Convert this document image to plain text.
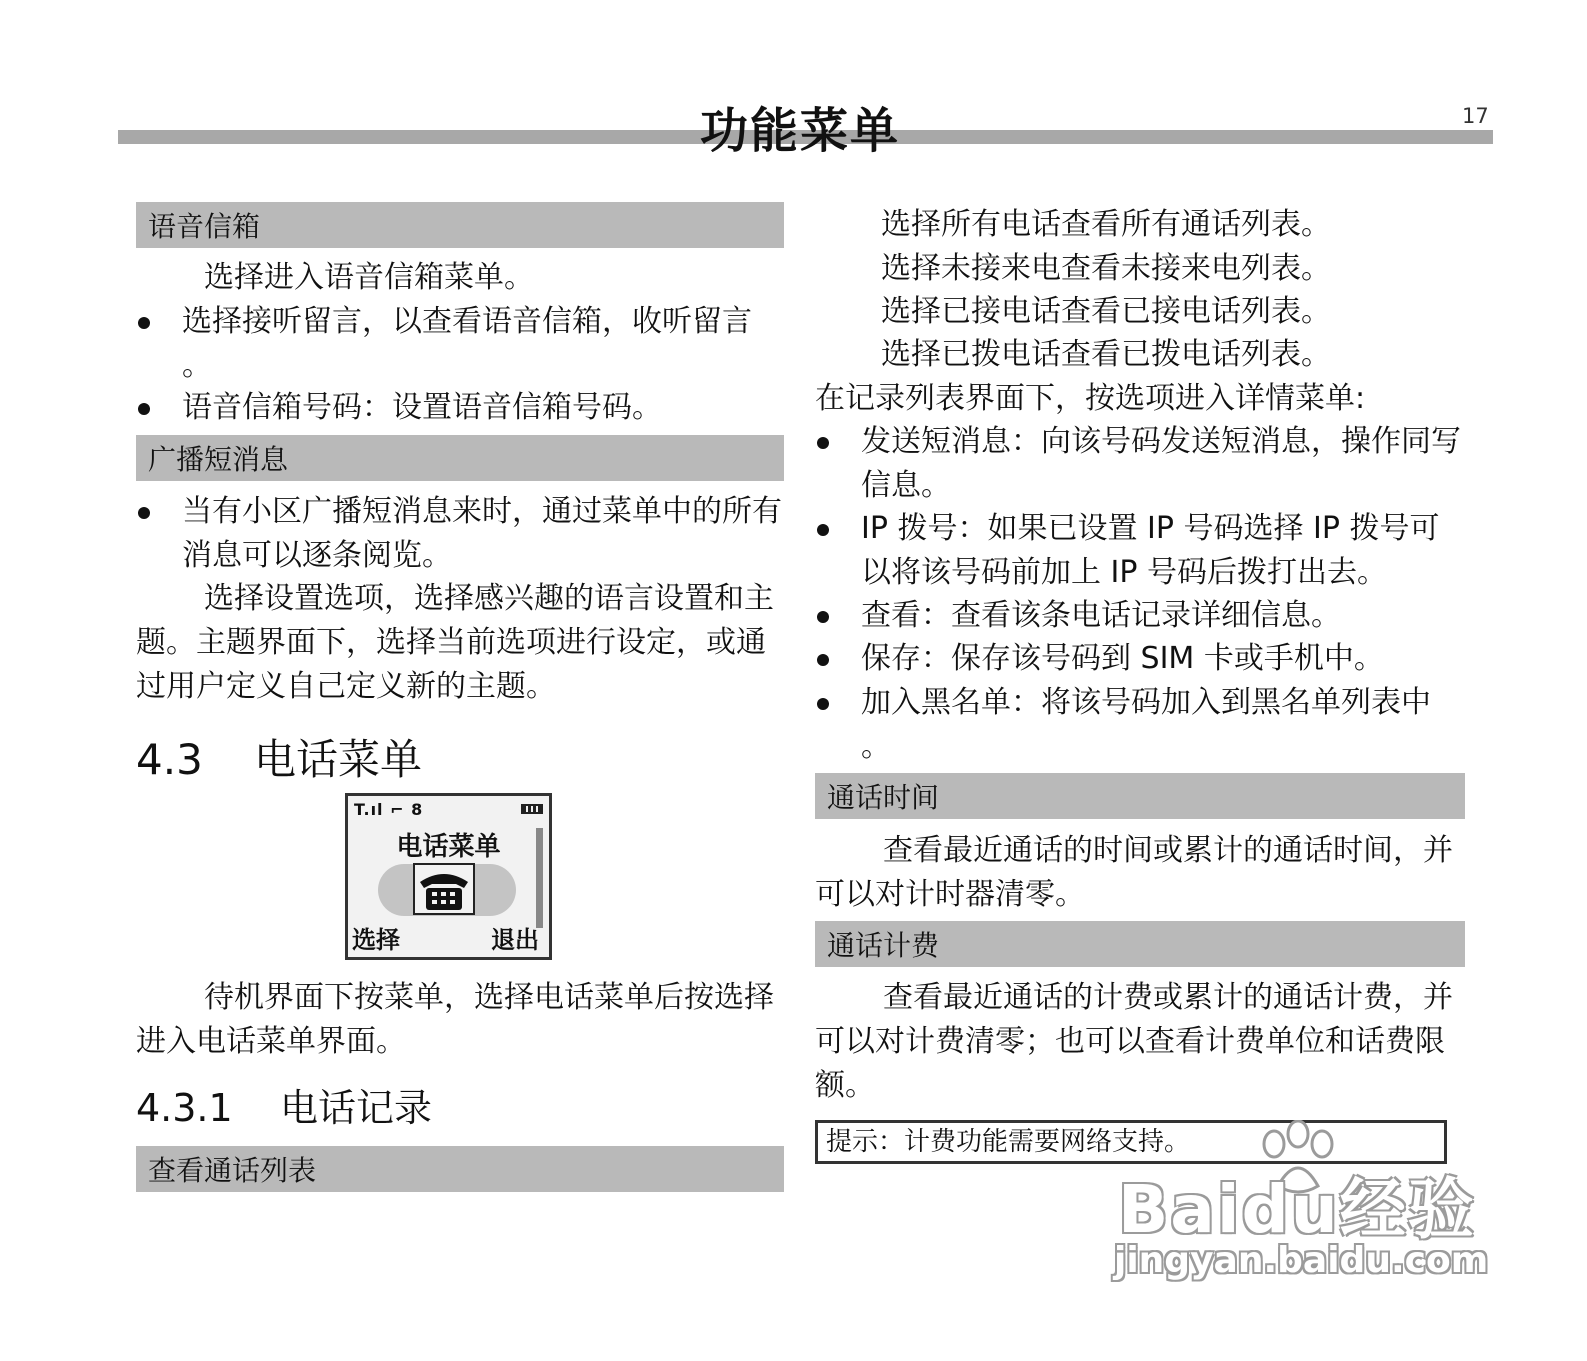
功能菜单	17
语音信箱
选择进入语音信箱菜单。
选择接听留言，以查看语音信箱，收听留言 。
语音信箱号码：设置语音信箱号码。
广播短消息
当有小区广播短消息来时，通过菜单中的所有消息可以逐条阅览。
选择设置选项，选择感兴趣的语言设置和主题。主题界面下，选择当前选项进行设定，或通过用户定义自己定义新的主题。
4.3 电话菜单
T.ıl ⌐ 8
电话菜单
选择	退出
待机界面下按菜单，选择电话菜单后按选择进入电话菜单界面。
4.3.1 电话记录
查看通话列表
选择所有电话查看所有通话列表。
选择未接来电查看未接来电列表。
选择已接电话查看已接电话列表。
选择已拨电话查看已拨电话列表。
在记录列表界面下，按选项进入详情菜单:
发送短消息：向该号码发送短消息，操作同写信息。
IP 拨号：如果已设置 IP 号码选择 IP 拨号可以将该号码前加上 IP 号码后拨打出去。
查看：查看该条电话记录详细信息。
保存：保存该号码到 SIM 卡或手机中。
加入黑名单：将该号码加入到黑名单列表中 。
通话时间
查看最近通话的时间或累计的通话时间，并可以对计时器清零。
通话计费
查看最近通话的计费或累计的通话计费，并可以对计费清零；也可以查看计费单位和话费限额。
提示：计费功能需要网络支持。
Baidu经验
jingyan.baidu.com
